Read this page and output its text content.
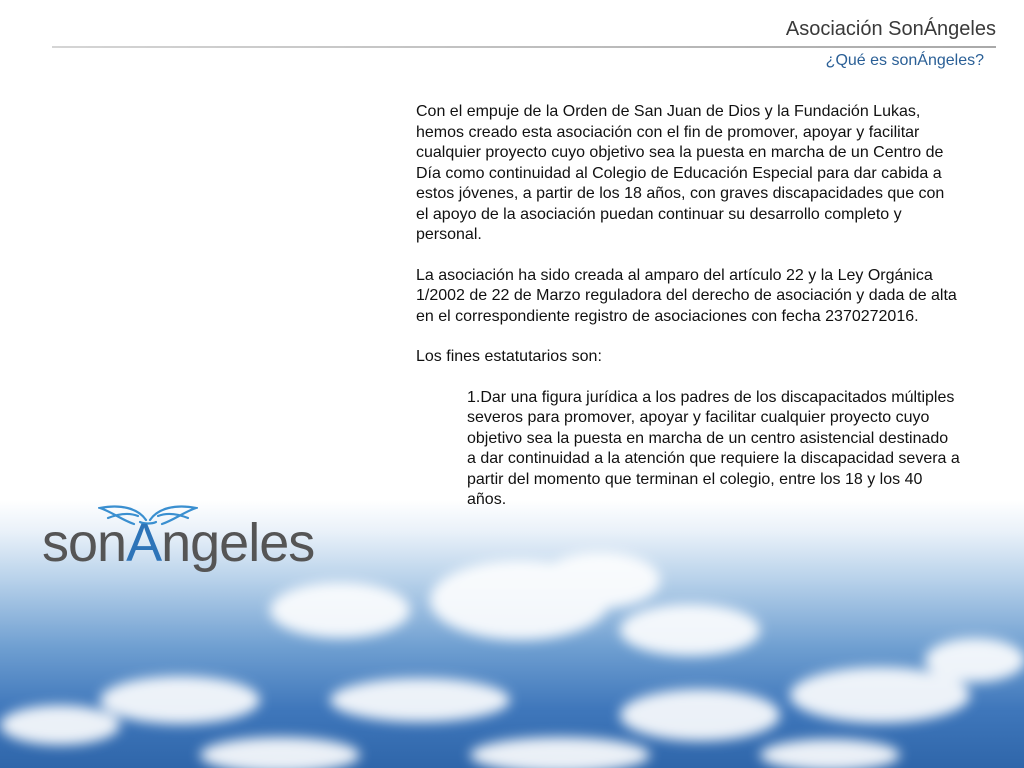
Asociación SonÁngeles
¿Qué es sonÁngeles?

Con el empuje de la Orden de San Juan de Dios y la Fundación Lukas, hemos creado esta asociación con el fin de promover, apoyar y facilitar cualquier proyecto cuyo objetivo sea la puesta en marcha de un Centro de Día como continuidad al Colegio de Educación Especial para dar cabida a estos jóvenes, a partir de los 18 años, con graves discapacidades que con el apoyo de la asociación puedan continuar su desarrollo completo y personal.

La asociación ha sido creada al amparo del artículo 22 y la Ley Orgánica 1/2002 de 22 de Marzo reguladora del derecho de asociación y dada de alta en el correspondiente registro de asociaciones con fecha 2370272016.

Los fines estatutarios son:

1.Dar una figura jurídica a los padres de los discapacitados múltiples severos para promover, apoyar y facilitar cualquier proyecto cuyo objetivo sea la puesta en marcha de un centro asistencial destinado a dar continuidad a la atención que requiere la discapacidad severa a partir del momento que terminan el colegio, entre los 18 y los 40 años.

sonAngeles
